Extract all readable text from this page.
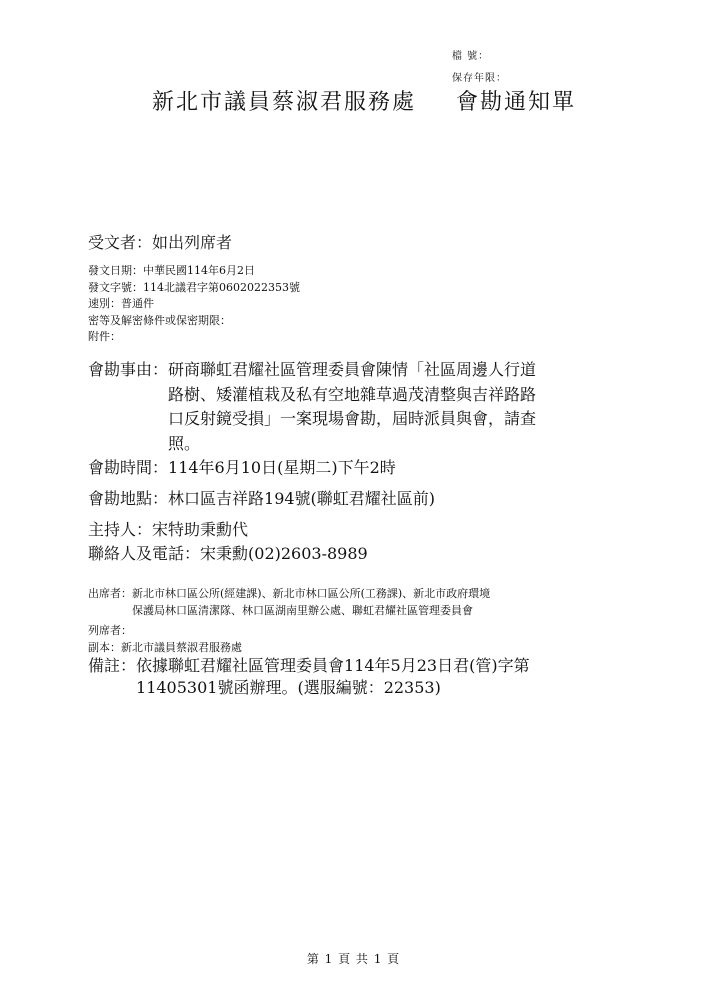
檔 號：
保存年限：
新北市議員蔡淑君服務處 會勘通知單
受文者：如出列席者
發文日期：中華民國114年6月2日
發文字號：114北議君字第0602022353號
速別：普通件
密等及解密條件或保密期限：
附件：
會勘事由： 研商聯虹君耀社區管理委員會陳情「社區周邊人行道
路樹、矮灌植栽及私有空地雜草過茂清整與吉祥路路
口反射鏡受損」一案現場會勘，屆時派員與會，請查
照。
會勘時間：114年6月10日(星期二)下午2時
會勘地點：林口區吉祥路194號(聯虹君耀社區前)
主持人：宋特助秉勳代
聯絡人及電話：宋秉勳(02)2603-8989
出席者： 新北市林口區公所(經建課)、新北市林口區公所(工務課)、新北市政府環境
保護局林口區清潔隊、林口區湖南里辦公處、聯虹君耀社區管理委員會
列席者：
副本：新北市議員蔡淑君服務處
備註： 依據聯虹君耀社區管理委員會114年5月23日君(管)字第
11405301號函辦理。(選服編號：22353)
第 1 頁 共 1 頁
